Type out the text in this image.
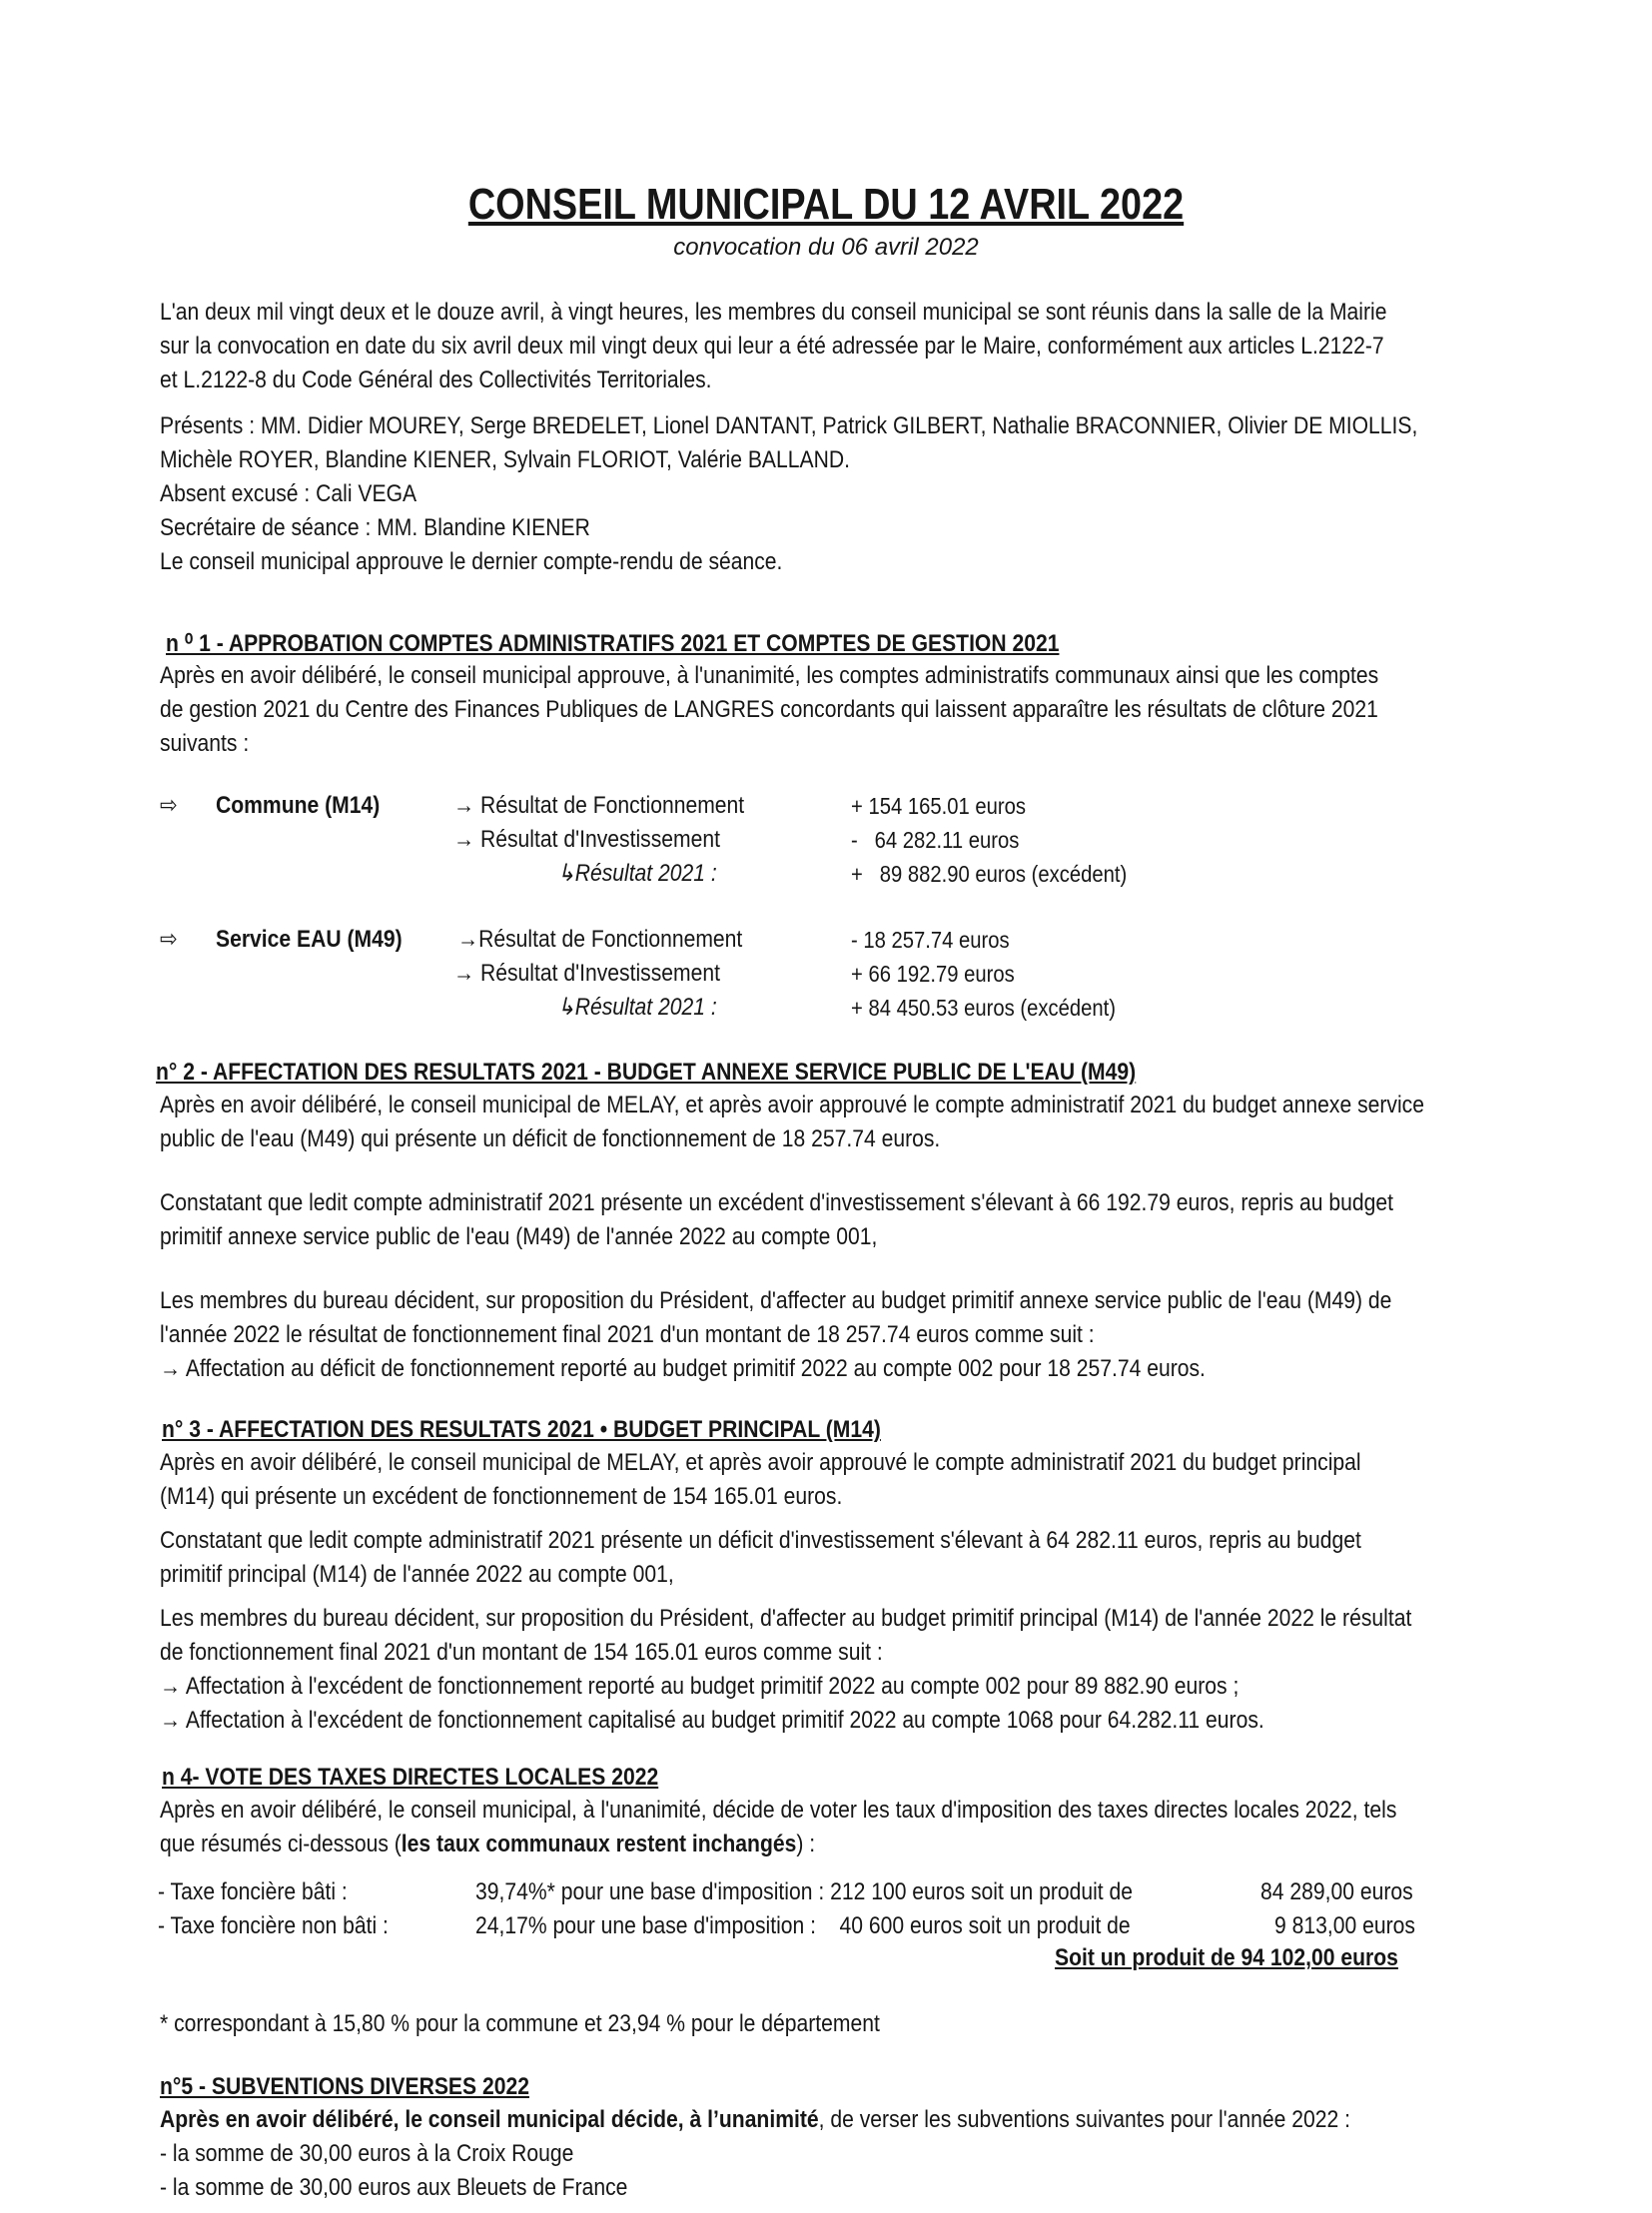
CONSEIL MUNICIPAL DU 12 AVRIL 2022
convocation du 06 avril 2022

L'an deux mil vingt deux et le douze avril, à vingt heures, les membres du conseil municipal se sont réunis dans la salle de la Mairie

sur la convocation en date du six avril deux mil vingt deux qui leur a été adressée par le Maire, conformément aux articles L.2122-7

et L.2122-8 du Code Général des Collectivités Territoriales.

Présents : MM. Didier MOUREY, Serge BREDELET, Lionel DANTANT, Patrick GILBERT, Nathalie BRACONNIER, Olivier DE MIOLLIS,

Michèle ROYER, Blandine KIENER, Sylvain FLORIOT, Valérie BALLAND.

Absent excusé : Cali VEGA

Secrétaire de séance : MM. Blandine KIENER

Le conseil municipal approuve le dernier compte-rendu de séance.

n ⁰ 1 - APPROBATION COMPTES ADMINISTRATIFS 2021 ET COMPTES DE GESTION 2021

Après en avoir délibéré, le conseil municipal approuve, à l'unanimité, les comptes administratifs communaux ainsi que les comptes

de gestion 2021 du Centre des Finances Publiques de LANGRES concordants qui laissent apparaître les résultats de clôture 2021

suivants :

⇨ Commune (M14)	→ Résultat de Fonctionnement	+ 154 165.01 euros
→ Résultat d'Investissement	-   64 282.11 euros
↳Résultat 2021 :	+   89 882.90 euros (excédent)
⇨ Service EAU (M49) →Résultat de Fonctionnement	- 18 257.74 euros
→ Résultat d'Investissement	+ 66 192.79 euros
↳Résultat 2021 :	+ 84 450.53 euros (excédent)
n° 2 - AFFECTATION DES RESULTATS 2021 - BUDGET ANNEXE SERVICE PUBLIC DE L'EAU (M49)

Après en avoir délibéré, le conseil municipal de MELAY, et après avoir approuvé le compte administratif 2021 du budget annexe service

public de l'eau (M49) qui présente un déficit de fonctionnement de 18 257.74 euros.

Constatant que ledit compte administratif 2021 présente un excédent d'investissement s'élevant à 66 192.79 euros, repris au budget

primitif annexe service public de l'eau (M49) de l'année 2022 au compte 001,

Les membres du bureau décident, sur proposition du Président, d'affecter au budget primitif annexe service public de l'eau (M49) de

l'année 2022 le résultat de fonctionnement final 2021 d'un montant de 18 257.74 euros comme suit :

→ Affectation au déficit de fonctionnement reporté au budget primitif 2022 au compte 002 pour 18 257.74 euros.

n° 3 - AFFECTATION DES RESULTATS 2021 • BUDGET PRINCIPAL (M14)

Après en avoir délibéré, le conseil municipal de MELAY, et après avoir approuvé le compte administratif 2021 du budget principal

(M14) qui présente un excédent de fonctionnement de 154 165.01 euros.

Constatant que ledit compte administratif 2021 présente un déficit d'investissement s'élevant à 64 282.11 euros, repris au budget

primitif principal (M14) de l'année 2022 au compte 001,

Les membres du bureau décident, sur proposition du Président, d'affecter au budget primitif principal (M14) de l'année 2022 le résultat

de fonctionnement final 2021 d'un montant de 154 165.01 euros comme suit :

→ Affectation à l'excédent de fonctionnement reporté au budget primitif 2022 au compte 002 pour 89 882.90 euros ;

→ Affectation à l'excédent de fonctionnement capitalisé au budget primitif 2022 au compte 1068 pour 64.282.11 euros.

n 4- VOTE DES TAXES DIRECTES LOCALES 2022

Après en avoir délibéré, le conseil municipal, à l'unanimité, décide de voter les taux d'imposition des taxes directes locales 2022, tels

que résumés ci-dessous (les taux communaux restent inchangés) :

- Taxe foncière bâti :	39,74%* pour une base d'imposition : 212 100 euros soit un produit de	84 289,00 euros
- Taxe foncière non bâti :	24,17% pour une base d'imposition :    40 600 euros soit un produit de	9 813,00 euros
Soit un produit de 94 102,00 euros
* correspondant à 15,80 % pour la commune et 23,94 % pour le département
n°5 - SUBVENTIONS DIVERSES 2022

Après en avoir délibéré, le conseil municipal décide, à l’unanimité, de verser les subventions suivantes pour l'année 2022 :

- la somme de 30,00 euros à la Croix Rouge

- la somme de 30,00 euros aux Bleuets de France
